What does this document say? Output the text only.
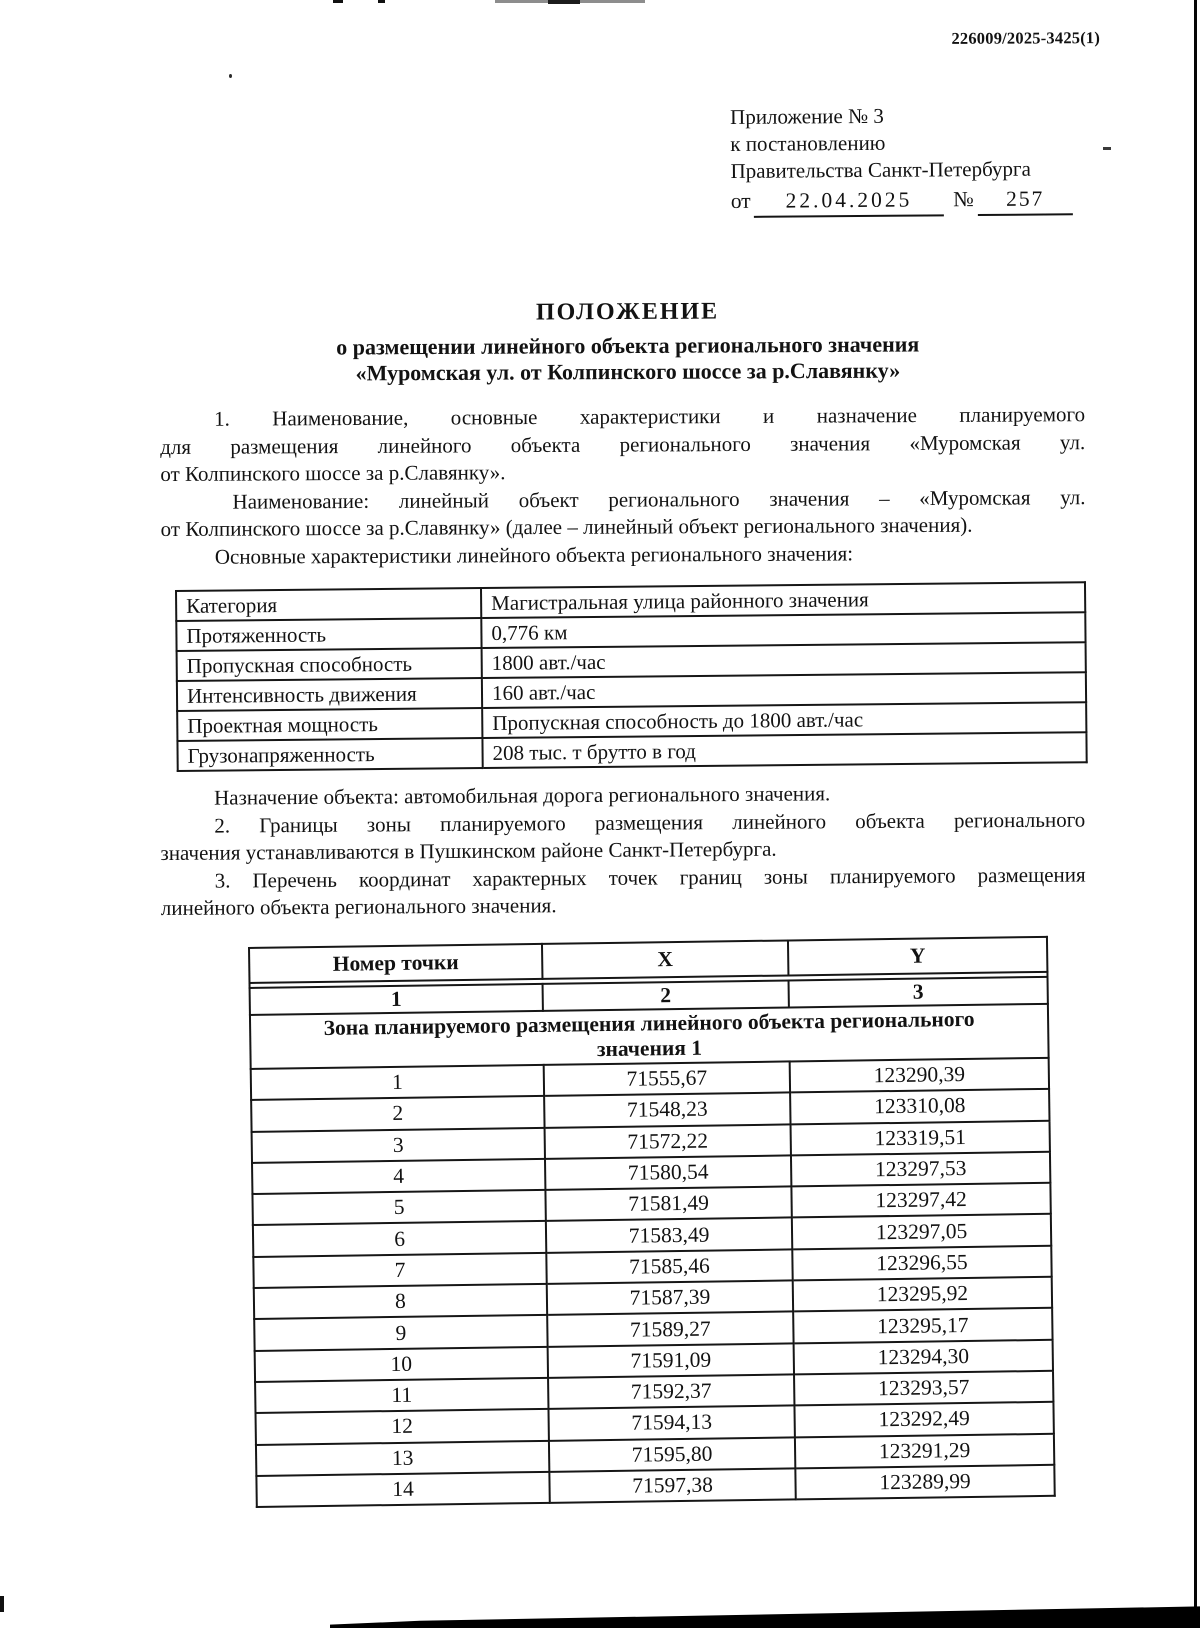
226009/2025-3425(1)
Приложение № 3
к постановлению
Правительства Санкт-Петербурга
от	22.04.2025	№	257
ПОЛОЖЕНИЕ
о размещении линейного объекта регионального значения
«Муромская ул. от Колпинского шоссе за р.Славянку»
1. Наименование, основные характеристики и назначение планируемого
для размещения линейного объекта регионального значения «Муромская ул.
от Колпинского шоссе за р.Славянку».
Наименование: линейный объект регионального значения – «Муромская ул.
от Колпинского шоссе за р.Славянку» (далее – линейный объект регионального значения).
Основные характеристики линейного объекта регионального значения:
Категория	Магистральная улица районного значения
Протяженность	0,776 км
Пропускная способность	1800 авт./час
Интенсивность движения	160 авт./час
Проектная мощность	Пропускная способность до 1800 авт./час
Грузонапряженность	208 тыс. т брутто в год
Назначение объекта: автомобильная дорога регионального значения.
2. Границы зоны планируемого размещения линейного объекта регионального
значения устанавливаются в Пушкинском районе Санкт-Петербурга.
3. Перечень координат характерных точек границ зоны планируемого размещения
линейного объекта регионального значения.
Номер точки	X	Y

1	2	3

Зона планируемого размещения линейного объекта регионального
значения 1		

1	71555,67	123290,39
2	71548,23	123310,08
3	71572,22	123319,51
4	71580,54	123297,53
5	71581,49	123297,42
6	71583,49	123297,05
7	71585,46	123296,55
8	71587,39	123295,92
9	71589,27	123295,17
10	71591,09	123294,30
11	71592,37	123293,57
12	71594,13	123292,49
13	71595,80	123291,29
14	71597,38	123289,99
